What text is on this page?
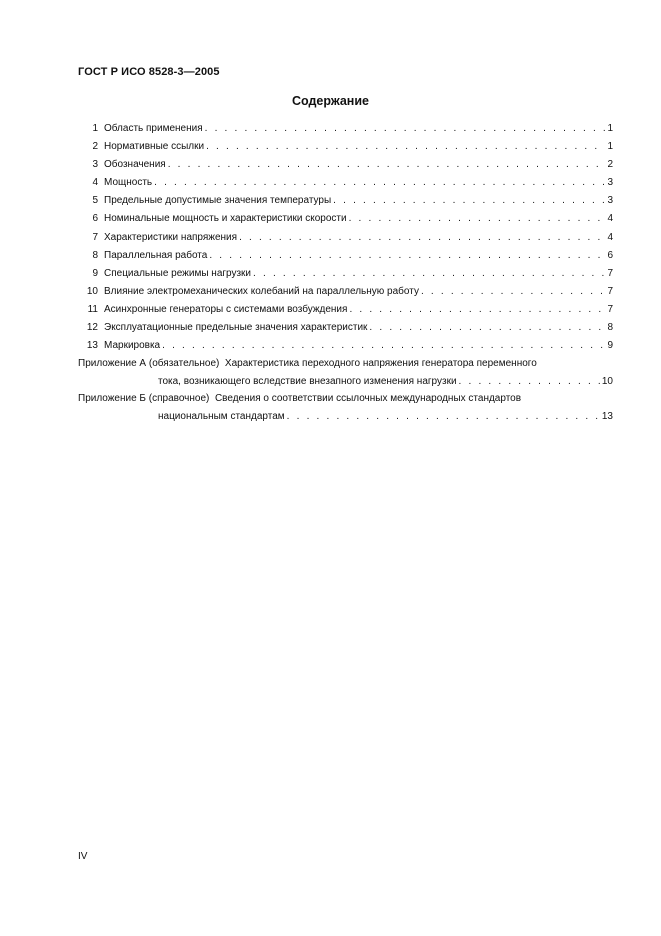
ГОСТ Р ИСО 8528-3—2005
Содержание
1 Область применения . . .	1
2 Нормативные ссылки . . .	1
3 Обозначения . . .	2
4 Мощность . . .	3
5 Предельные допустимые значения температуры . . .	3
6 Номинальные мощность и характеристики скорости . . .	4
7 Характеристики напряжения . . .	4
8 Параллельная работа . . .	6
9 Специальные режимы нагрузки . . .	7
10 Влияние электромеханических колебаний на параллельную работу . . .	7
11 Асинхронные генераторы с системами возбуждения . . .	7
12 Эксплуатационные предельные значения характеристик . . .	8
13 Маркировка . . .	9
Приложение А (обязательное) Характеристика переходного напряжения генератора переменного
тока, возникающего вследствие внезапного изменения нагрузки . . .	10
Приложение Б (справочное) Сведения о соответствии ссылочных международных стандартов
национальным стандартам . . .	13
IV
